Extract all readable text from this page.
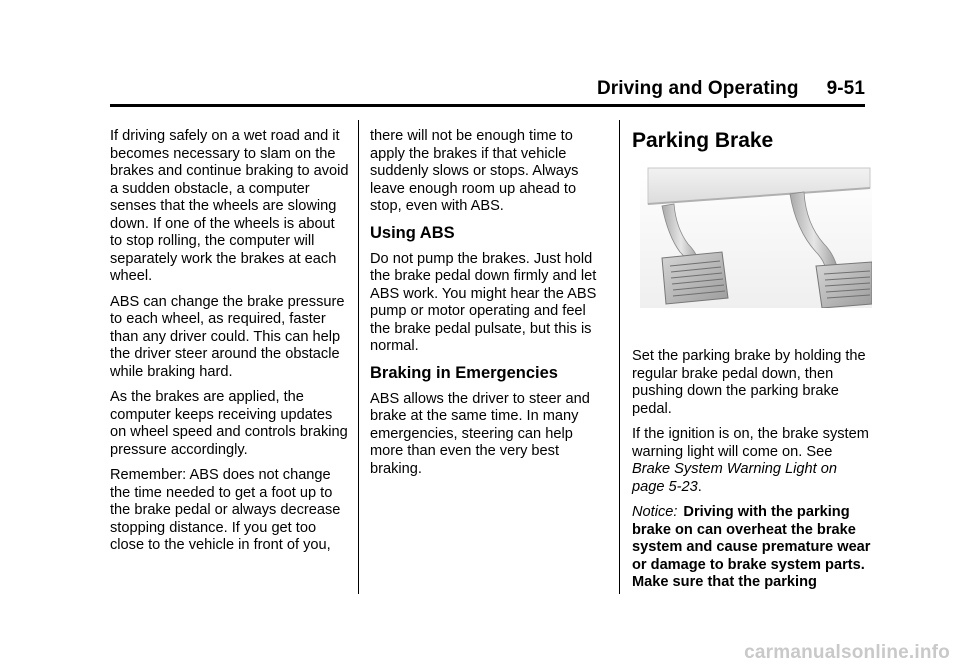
Driving and Operating 9-51

If driving safely on a wet road and it becomes necessary to slam on the brakes and continue braking to avoid a sudden obstacle, a computer senses that the wheels are slowing down. If one of the wheels is about to stop rolling, the computer will separately work the brakes at each wheel.

ABS can change the brake pressure to each wheel, as required, faster than any driver could. This can help the driver steer around the obstacle while braking hard.

As the brakes are applied, the computer keeps receiving updates on wheel speed and controls braking pressure accordingly.

Remember: ABS does not change the time needed to get a foot up to the brake pedal or always decrease stopping distance. If you get too close to the vehicle in front of you,

there will not be enough time to apply the brakes if that vehicle suddenly slows or stops. Always leave enough room up ahead to stop, even with ABS.

Using ABS

Do not pump the brakes. Just hold the brake pedal down firmly and let ABS work. You might hear the ABS pump or motor operating and feel the brake pedal pulsate, but this is normal.

Braking in Emergencies

ABS allows the driver to steer and brake at the same time. In many emergencies, steering can help more than even the very best braking.

Parking Brake

Set the parking brake by holding the regular brake pedal down, then pushing down the parking brake pedal.

If the ignition is on, the brake system warning light will come on. See Brake System Warning Light on page 5-23.

Notice: Driving with the parking brake on can overheat the brake system and cause premature wear or damage to brake system parts. Make sure that the parking

carmanualsonline.info
